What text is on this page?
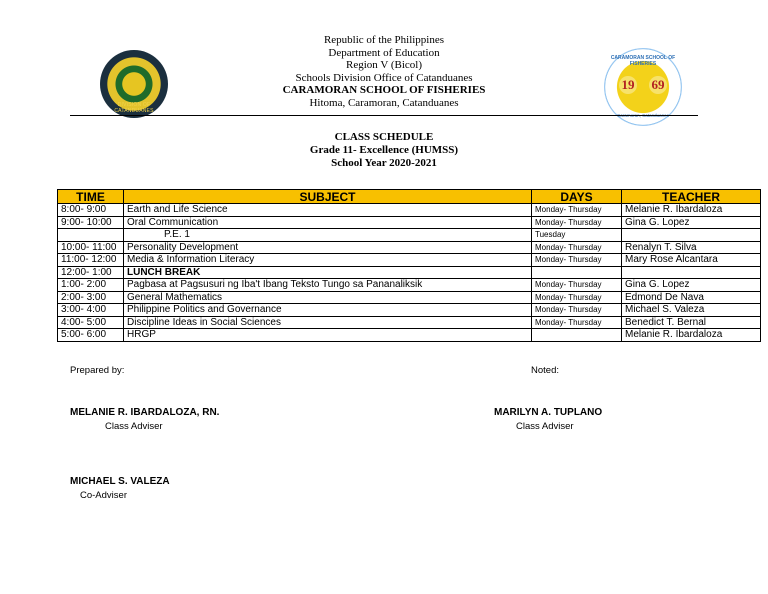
DIVISION OF CATANDUANES
CARAMORAN SCHOOL OF FISHERIES
19 69
Caramoran, Catanduanes
Republic of the Philippines
Department of Education
Region V (Bicol)
Schools Division Office of Catanduanes
CARAMORAN SCHOOL OF FISHERIES
Hitoma, Caramoran, Catanduanes
CLASS SCHEDULE
Grade 11- Excellence (HUMSS)
School Year 2020-2021
TIME	SUBJECT	DAYS	TEACHER
8:00- 9:00	Earth and Life Science	Monday- Thursday	Melanie R. Ibardaloza
9:00- 10:00	Oral Communication	Monday- Thursday	Gina G. Lopez
	P.E. 1	Tuesday	
10:00- 11:00	Personality Development	Monday- Thursday	Renalyn T. Silva
11:00- 12:00	Media & Information Literacy	Monday- Thursday	Mary Rose Alcantara
12:00- 1:00	LUNCH BREAK		
1:00- 2:00	Pagbasa at Pagsusuri ng Iba't Ibang Teksto Tungo sa Pananaliksik	Monday- Thursday	Gina G. Lopez
2:00- 3:00	General Mathematics	Monday- Thursday	Edmond De Nava
3:00- 4:00	Philippine Politics and Governance	Monday- Thursday	Michael S. Valeza
4:00- 5:00	Discipline Ideas in Social Sciences	Monday- Thursday	Benedict T. Bernal
5:00- 6:00	HRGP		Melanie R. Ibardaloza
Prepared by:	Noted:
MELANIE R. IBARDALOZA, RN.
Class Adviser
MARILYN A. TUPLANO
Class Adviser
MICHAEL S. VALEZA
Co-Adviser
